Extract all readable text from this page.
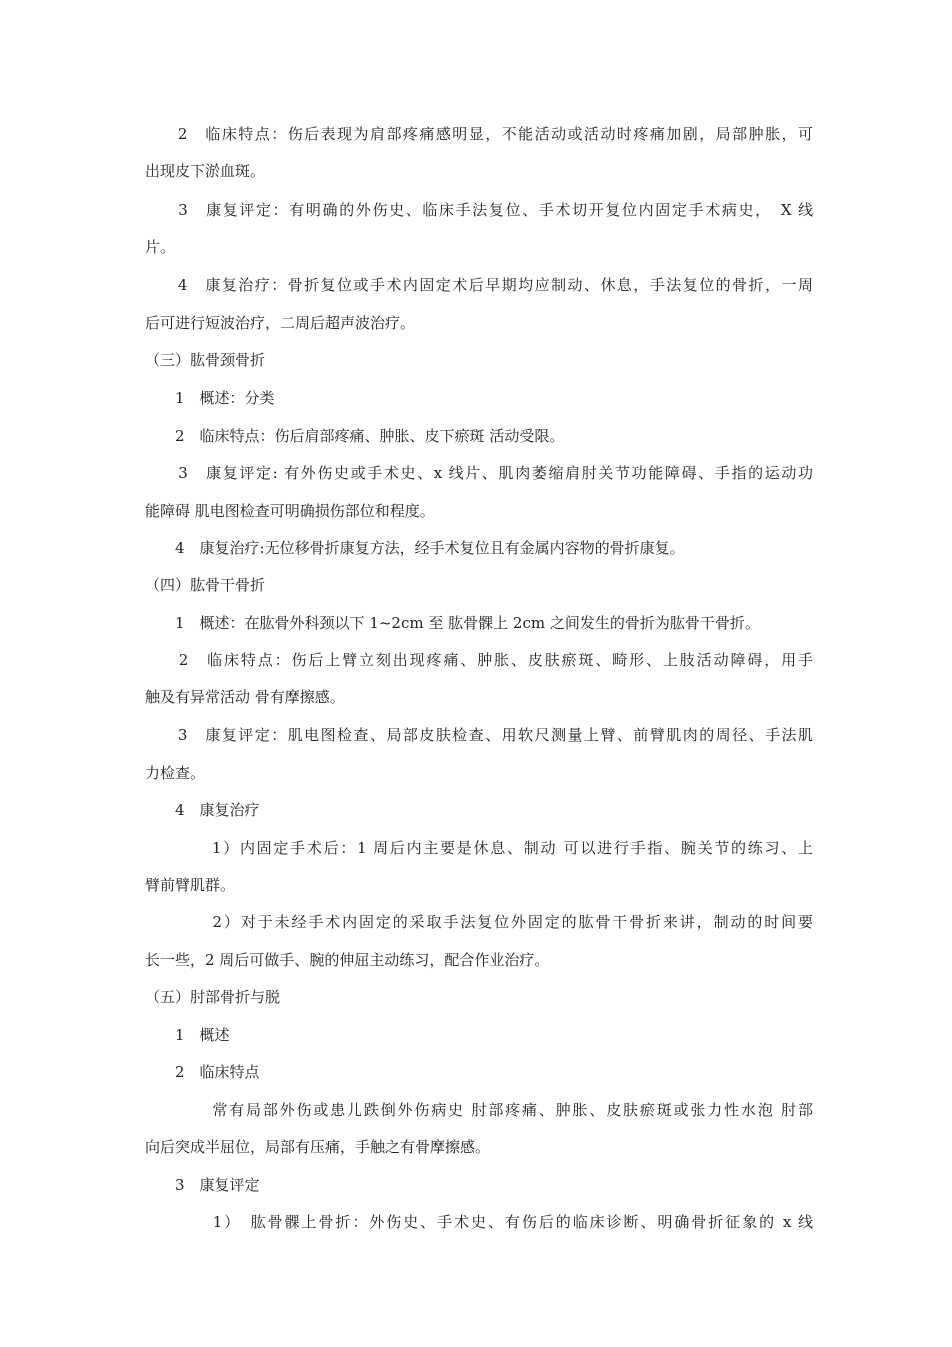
　　2　临床特点：伤后表现为肩部疼痛感明显，不能活动或活动时疼痛加剧，局部肿胀，可

出现皮下淤血斑。

　　3　康复评定：有明确的外伤史、临床手法复位、手术切开复位内固定手术病史，　X 线

片。

　　4　康复治疗：骨折复位或手术内固定术后早期均应制动、休息，手法复位的骨折，一周

后可进行短波治疗，二周后超声波治疗。

（三）肱骨颈骨折

　　1　概述：分类

　　2　临床特点：伤后肩部疼痛、肿胀、皮下瘀斑 活动受限。

　　3　康复评定: 有外伤史或手术史、x 线片、肌肉萎缩肩肘关节功能障碍、手指的运动功

能障碍 肌电图检查可明确损伤部位和程度。

　　4　康复治疗:无位移骨折康复方法，经手术复位且有金属内容物的骨折康复。

（四）肱骨干骨折

　　1　概述：在肱骨外科颈以下 1~2cm 至 肱骨髁上 2cm 之间发生的骨折为肱骨干骨折。

　　2　临床特点：伤后上臂立刻出现疼痛、肿胀、皮肤瘀斑、畸形、上肢活动障碍，用手

触及有异常活动 骨有摩擦感。

　　3　康复评定：肌电图检查、局部皮肤检查、用软尺测量上臂、前臂肌肉的周径、手法肌

力检查。

　　4　康复治疗

　　　　1）内固定手术后：1 周后内主要是休息、制动 可以进行手指、腕关节的练习、上

臂前臂肌群。

　　　　2）对于未经手术内固定的采取手法复位外固定的肱骨干骨折来讲，制动的时间要

长一些，2 周后可做手、腕的伸屈主动练习，配合作业治疗。

（五）肘部骨折与脱

　　1　概述

　　2　临床特点

　　　　常有局部外伤或患儿跌倒外伤病史 肘部疼痛、肿胀、皮肤瘀斑或张力性水泡 肘部

向后突成半屈位，局部有压痛，手触之有骨摩擦感。

　　3　康复评定

　　　　1）　肱骨髁上骨折：外伤史、手术史、有伤后的临床诊断、明确骨折征象的 x 线
